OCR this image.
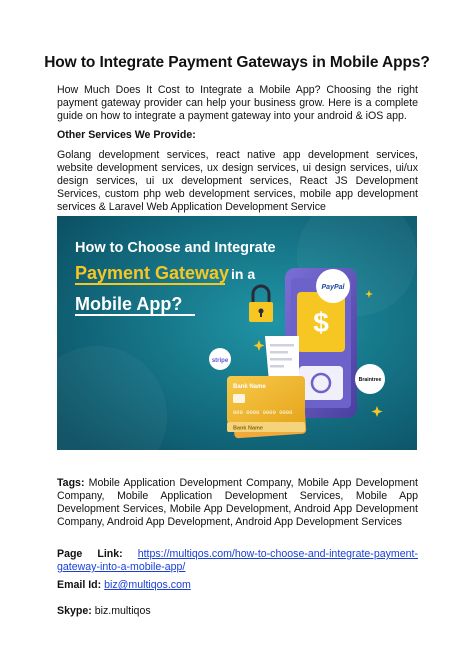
How to Integrate Payment Gateways in Mobile Apps?
How Much Does It Cost to Integrate a Mobile App? Choosing the right payment gateway provider can help your business grow. Here is a complete guide on how to integrate a payment gateway into your android & iOS app.
Other Services We Provide:
Golang development services, react native app development services, website development services, ux design services, ui design services, ui/ux design services, ui ux development services, React JS Development Services, custom php web development services, mobile app development services & Laravel Web Application Development Service
How to Choose and Integrate
Payment Gateway in a
Mobile App?
$
PayPal
stripe
Braintree
Bank Name
000 0000 0000 0000
Bank Name
Tags: Mobile Application Development Company, Mobile App Development Company, Mobile Application Development Services, Mobile App Development Services, Mobile App Development, Android App Development Company, Android App Development, Android App Development Services
Page Link: https://multiqos.com/how-to-choose-and-integrate-payment-gateway-into-a-mobile-app/
Email Id: biz@multiqos.com
Skype: biz.multiqos
